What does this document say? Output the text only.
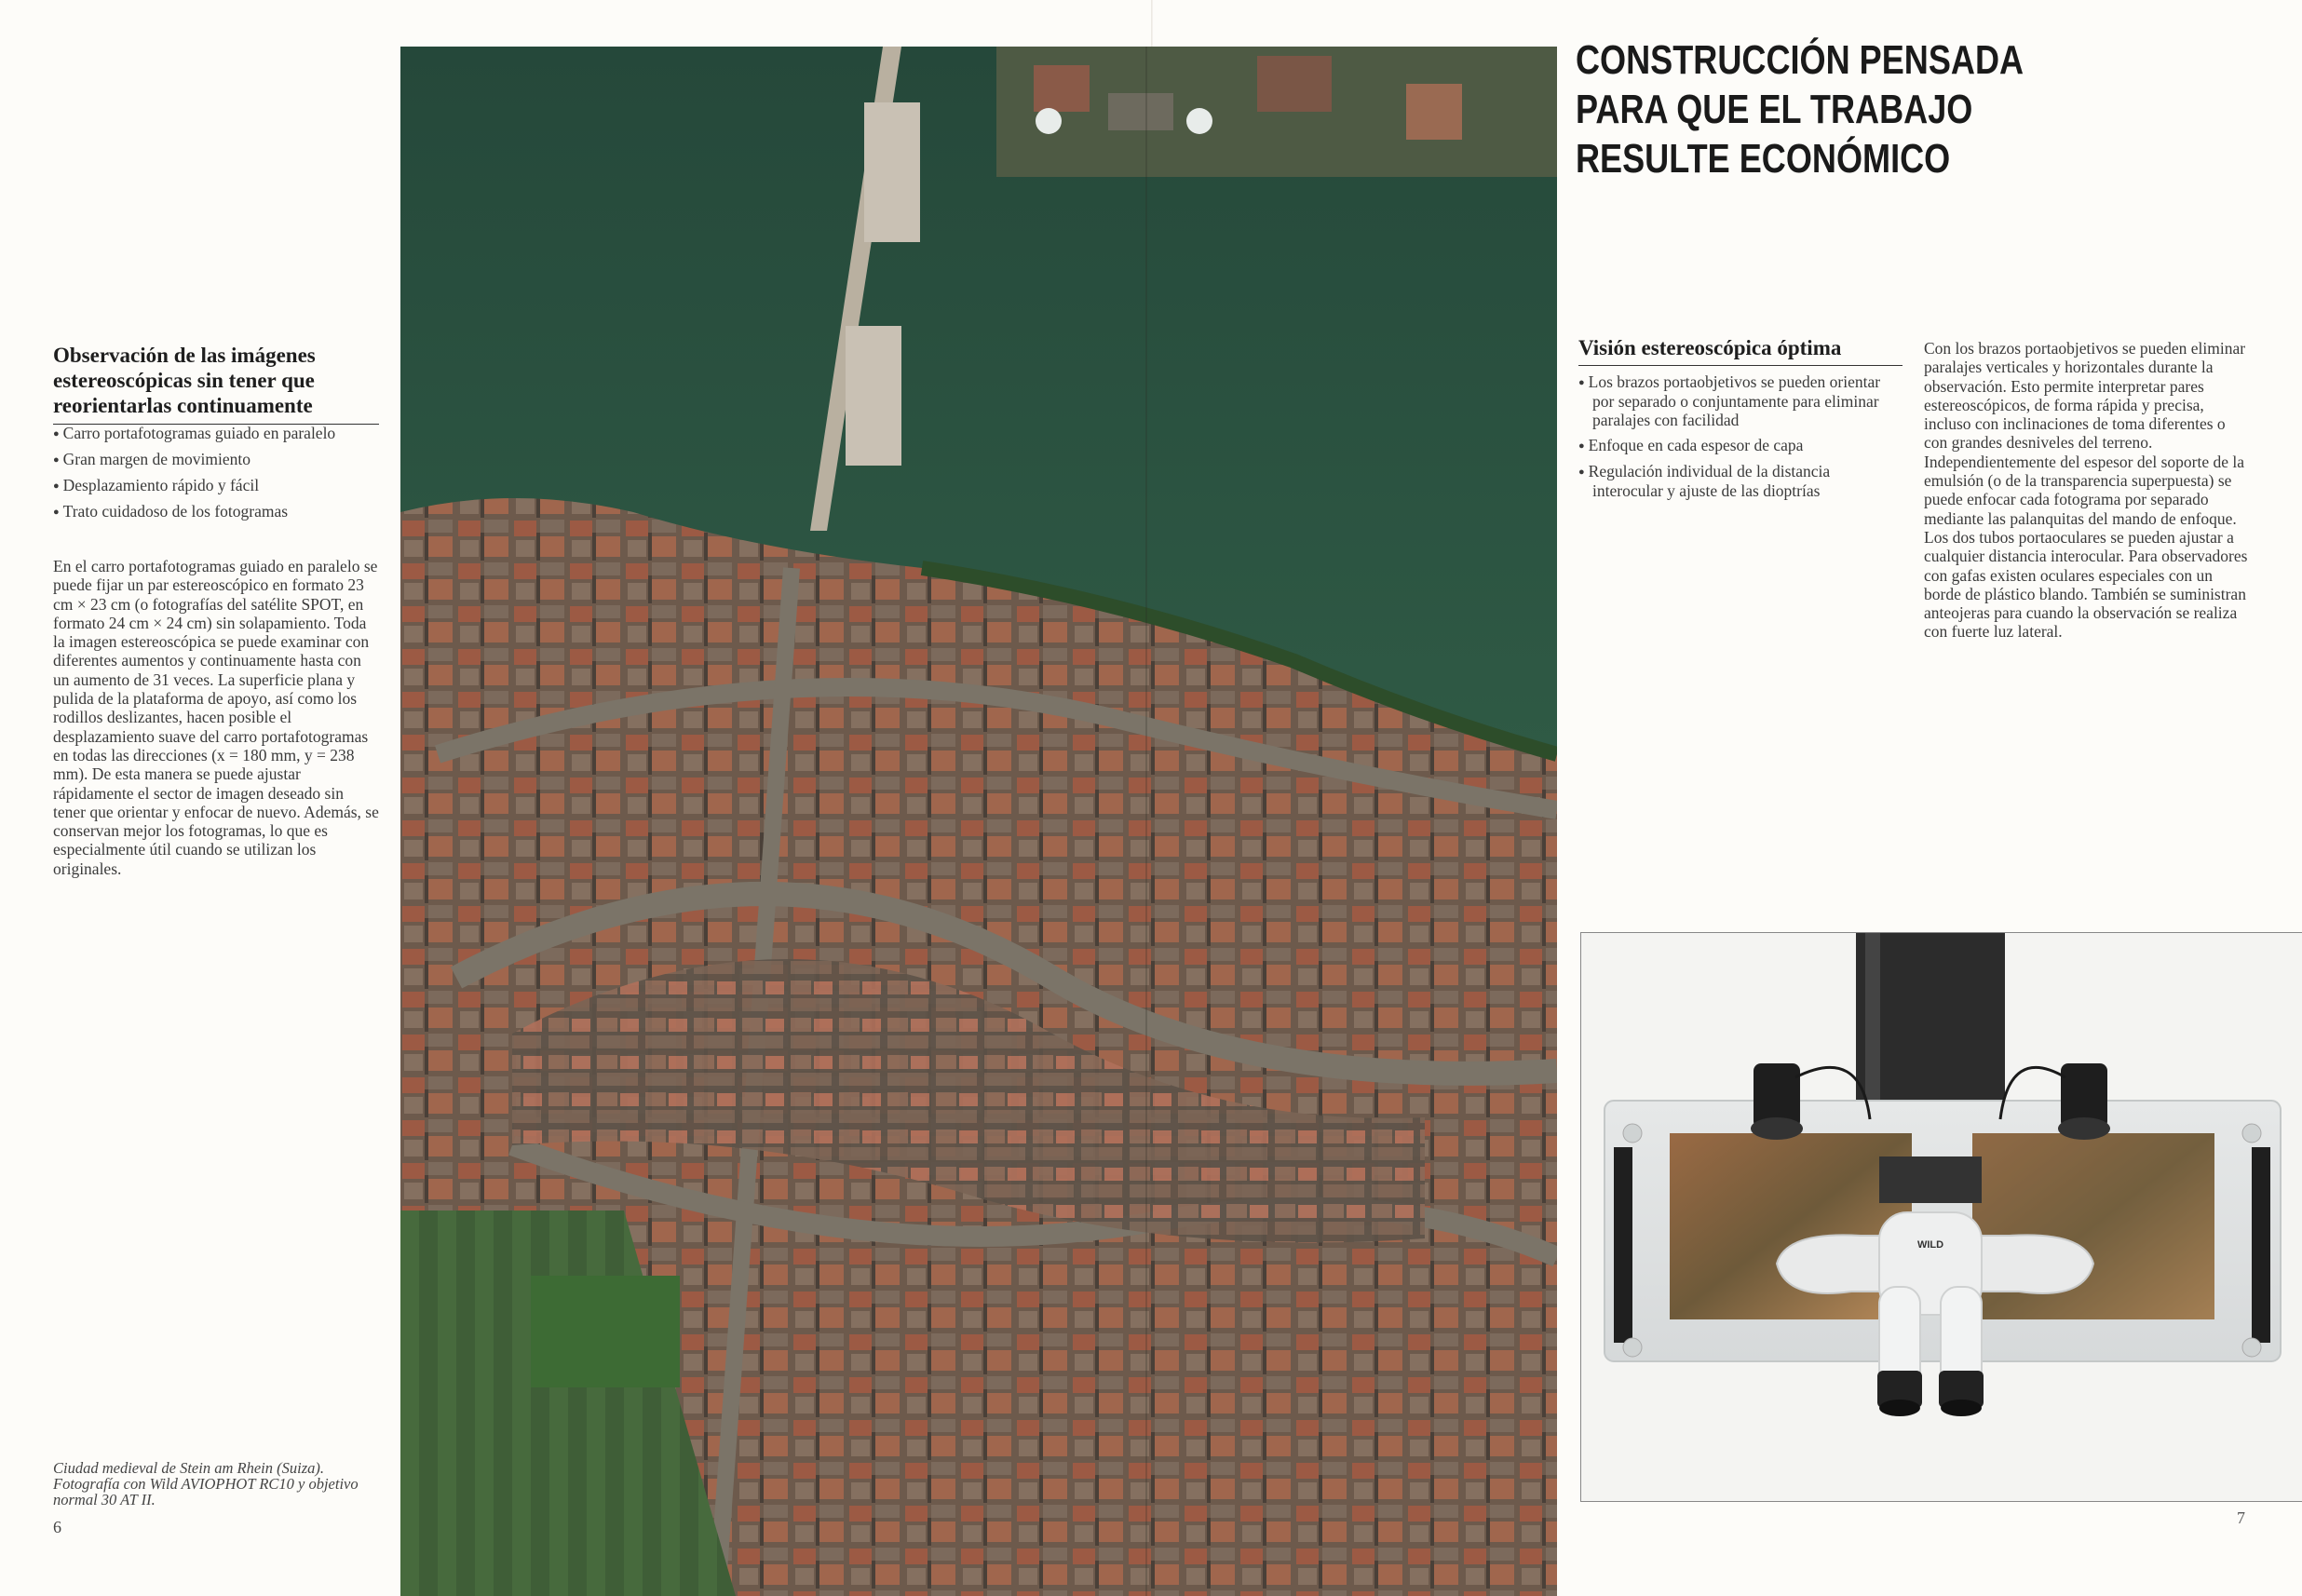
Observación de las imágenes estereoscópicas sin tener que reorientarlas continuamente
● Carro portafotogramas guiado en paralelo
● Gran margen de movimiento
● Desplazamiento rápido y fácil
● Trato cuidadoso de los fotogramas

En el carro portafotogramas guiado en paralelo se puede fijar un par estereoscópico en formato 23 cm × 23 cm (o fotografías del satélite SPOT, en formato 24 cm × 24 cm) sin solapamiento. Toda la imagen estereoscópica se puede examinar con diferentes aumentos y continuamente hasta con un aumento de 31 veces. La superficie plana y pulida de la plataforma de apoyo, así como los rodillos deslizantes, hacen posible el desplazamiento suave del carro portafotogramas en todas las direcciones (x = 180 mm, y = 238 mm). De esta manera se puede ajustar rápidamente el sector de imagen deseado sin tener que orientar y enfocar de nuevo. Además, se conservan mejor los fotogramas, lo que es especialmente útil cuando se utilizan los originales.

Ciudad medieval de Stein am Rhein (Suiza). Fotografía con Wild AVIOPHOT RC10 y objetivo normal 30 AT II.

6
CONSTRUCCIÓN PENSADA PARA QUE EL TRABAJO RESULTE ECONÓMICO
Visión estereoscópica óptima
● Los brazos portaobjetivos se pueden orientar por separado o conjuntamente para eliminar paralajes con facilidad
● Enfoque en cada espesor de capa
● Regulación individual de la distancia interocular y ajuste de las dioptrías

Con los brazos portaobjetivos se pueden eliminar paralajes verticales y horizontales durante la observación. Esto permite interpretar pares estereoscópicos, de forma rápida y precisa, incluso con inclinaciones de toma diferentes o con grandes desniveles del terreno. Independientemente del espesor del soporte de la emulsión (o de la transparencia superpuesta) se puede enfocar cada fotograma por separado mediante las palanquitas del mando de enfoque. Los dos tubos portaoculares se pueden ajustar a cualquier distancia interocular. Para observadores con gafas existen oculares especiales con un borde de plástico blando. También se suministran anteojeras para cuando la observación se realiza con fuerte luz lateral.

WILD
7
